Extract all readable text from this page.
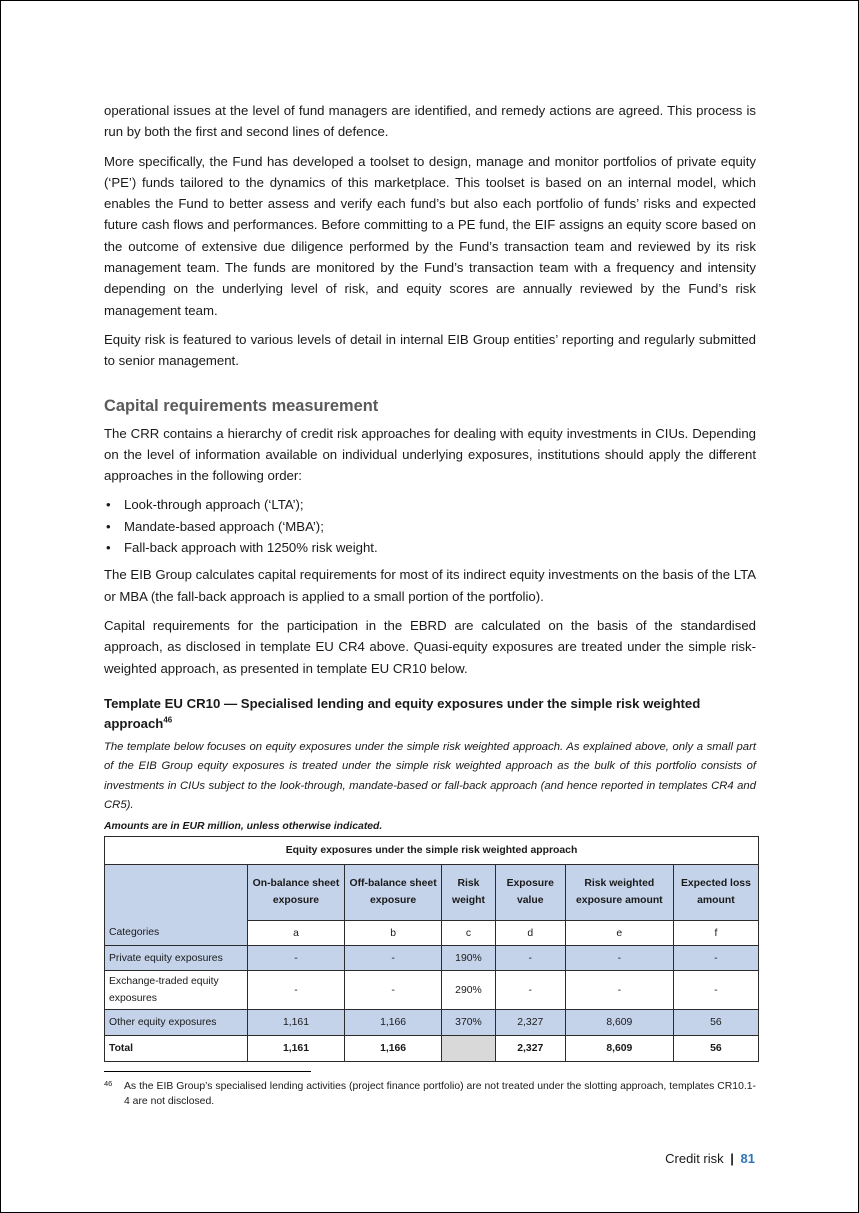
operational issues at the level of fund managers are identified, and remedy actions are agreed. This process is run by both the first and second lines of defence.

More specifically, the Fund has developed a toolset to design, manage and monitor portfolios of private equity (‘PE’) funds tailored to the dynamics of this marketplace. This toolset is based on an internal model, which enables the Fund to better assess and verify each fund’s but also each portfolio of funds’ risks and expected future cash flows and performances. Before committing to a PE fund, the EIF assigns an equity score based on the outcome of extensive due diligence performed by the Fund’s transaction team and reviewed by its risk management team. The funds are monitored by the Fund’s transaction team with a frequency and intensity depending on the underlying level of risk, and equity scores are annually reviewed by the Fund’s risk management team.

Equity risk is featured to various levels of detail in internal EIB Group entities’ reporting and regularly submitted to senior management.

Capital requirements measurement

The CRR contains a hierarchy of credit risk approaches for dealing with equity investments in CIUs. Depending on the level of information available on individual underlying exposures, institutions should apply the different approaches in the following order:

• Look-through approach (‘LTA’);
• Mandate-based approach (‘MBA’);
• Fall-back approach with 1250% risk weight.

The EIB Group calculates capital requirements for most of its indirect equity investments on the basis of the LTA or MBA (the fall-back approach is applied to a small portion of the portfolio).

Capital requirements for the participation in the EBRD are calculated on the basis of the standardised approach, as disclosed in template EU CR4 above. Quasi-equity exposures are treated under the simple risk-weighted approach, as presented in template EU CR10 below.

Template EU CR10 — Specialised lending and equity exposures under the simple risk weighted approach$^{46}$

The template below focuses on equity exposures under the simple risk weighted approach. As explained above, only a small part of the EIB Group equity exposures is treated under the simple risk weighted approach as the bulk of this portfolio consists of investments in CIUs subject to the look-through, mandate-based or fall-back approach (and hence reported in templates CR4 and CR5).

Amounts are in EUR million, unless otherwise indicated.

Equity exposures under the simple risk weighted approach						
Categories	On-balance sheet exposure	Off-balance sheet exposure	Risk weight	Exposure value	Risk weighted exposure amount	Expected loss amount
	a	b	c	d	e	f
Private equity exposures	-	-	190%	-	-	-
Exchange-traded equity exposures	-	-	290%	-	-	-
Other equity exposures	1,161	1,166	370%	2,327	8,609	56
Total	1,161	1,166		2,327	8,609	56
46	As the EIB Group’s specialised lending activities (project finance portfolio) are not treated under the slotting approach, templates CR10.1-4 are not disclosed.
Credit risk | 81
